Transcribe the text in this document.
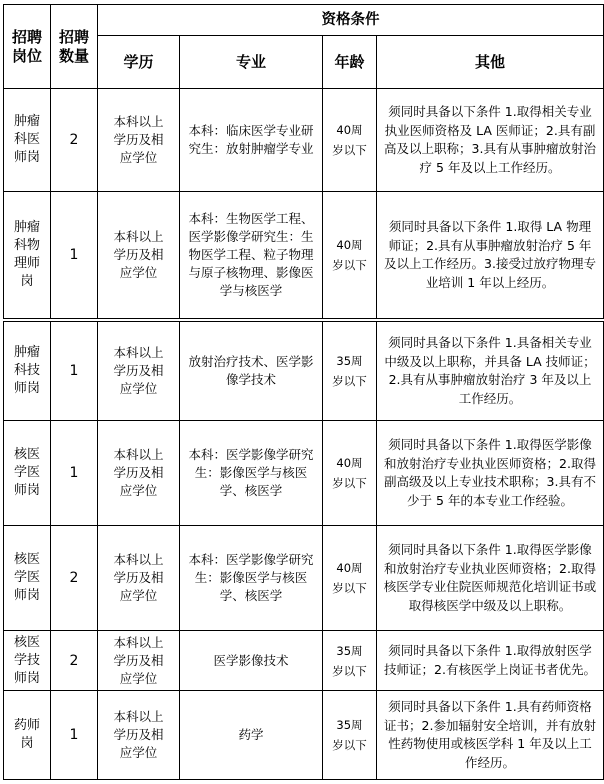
招聘岗位	招聘数量	资格条件			
		学历	专业	年龄	其他
肿瘤科医师岗	2	本科以上学历及相应学位	本科：临床医学专业研究生：放射肿瘤学专业	40周岁以下	须同时具备以下条件 1.取得相关专业执业医师资格及 LA 医师证；2.具有副高及以上职称；3.具有从事肿瘤放射治疗 5 年及以上工作经历。
肿瘤科物理师岗	1	本科以上学历及相应学位	本科：生物医学工程、医学影像学研究生：生物医学工程、粒子物理与原子核物理、影像医学与核医学	40周岁以下	须同时具备以下条件 1.取得 LA 物理师证；2.具有从事肿瘤放射治疗 5 年及以上工作经历。3.接受过放疗物理专业培训 1 年以上经历。
肿瘤科技师岗	1	本科以上学历及相应学位	放射治疗技术、医学影像学技术	35周岁以下	须同时具备以下条件 1.具备相关专业中级及以上职称，并具备 LA 技师证；2.具有从事肿瘤放射治疗 3 年及以上工作经历。
核医学医师岗	1	本科以上学历及相应学位	本科：医学影像学研究生：影像医学与核医学、核医学	40周岁以下	须同时具备以下条件 1.取得医学影像和放射治疗专业执业医师资格；2.取得副高级及以上专业技术职称；3.具有不少于 5 年的本专业工作经验。
核医学医师岗	2	本科以上学历及相应学位	本科：医学影像学研究生：影像医学与核医学、核医学	40周岁以下	须同时具备以下条件 1.取得医学影像和放射治疗专业执业医师资格；2.取得核医学专业住院医师规范化培训证书或取得核医学中级及以上职称。
核医学技师岗	2	本科以上学历及相应学位	医学影像技术	35周岁以下	须同时具备以下条件 1.取得放射医学技师证；2.有核医学上岗证书者优先。
药师岗	1	本科以上学历及相应学位	药学	35周岁以下	须同时具备以下条件 1.具有药师资格证书；2.参加辐射安全培训，并有放射性药物使用或核医学科 1 年及以上工作经历。
